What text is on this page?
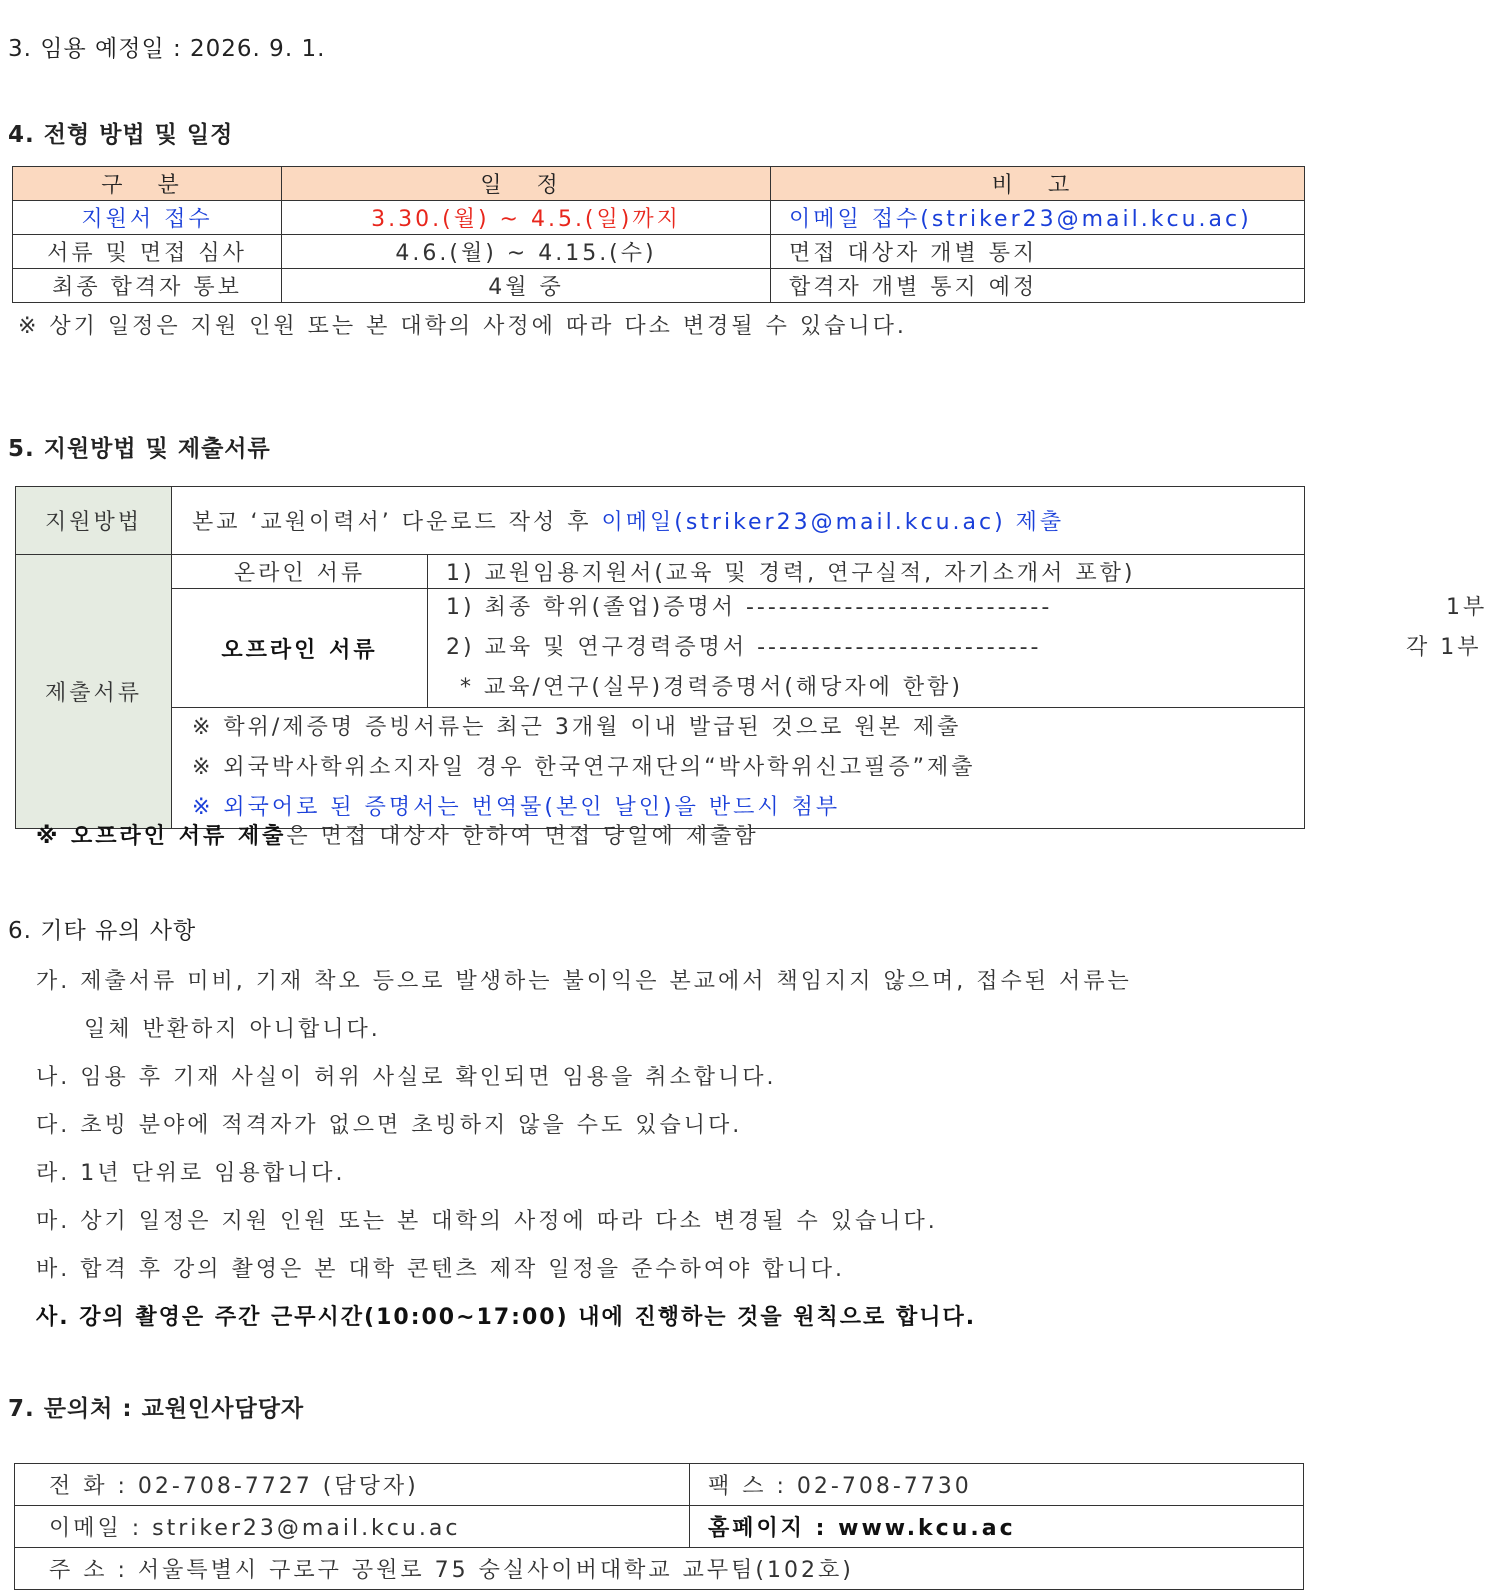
3. 임용 예정일 : 2026. 9. 1.
4. 전형 방법 및 일정
구 분	일 정	비 고
지원서 접수	3.30.(월) ~ 4.5.(일)까지	이메일 접수(striker23@mail.kcu.ac)
서류 및 면접 심사	4.6.(월) ~ 4.15.(수)	면접 대상자 개별 통지
최종 합격자 통보	4월 중	합격자 개별 통지 예정
※ 상기 일정은 지원 인원 또는 본 대학의 사정에 따라 다소 변경될 수 있습니다.
5. 지원방법 및 제출서류
지원방법	본교 ‘교원이력서’ 다운로드 작성 후 이메일(striker23@mail.kcu.ac) 제출	
제출서류	온라인 서류	1) 교원임용지원서(교육 및 경력, 연구실적, 자기소개서 포함)
	오프라인 서류	1) 최종 학위(졸업)증명서 ---------------------------- 1부
2) 교육 및 연구경력증명서 -------------------------- 각 1부
* 교육/연구(실무)경력증명서(해당자에 한함)

	※ 학위/제증명 증빙서류는 최근 3개월 이내 발급된 것으로 원본 제출
※ 외국박사학위소지자일 경우 한국연구재단의“박사학위신고필증”제출
※ 외국어로 된 증명서는 번역물(본인 날인)을 반드시 첨부	
※ 오프라인 서류 제출은 면접 대상자 한하여 면접 당일에 제출함
6. 기타 유의 사항
가. 제출서류 미비, 기재 착오 등으로 발생하는 불이익은 본교에서 책임지지 않으며, 접수된 서류는
일체 반환하지 아니합니다.
나. 임용 후 기재 사실이 허위 사실로 확인되면 임용을 취소합니다.
다. 초빙 분야에 적격자가 없으면 초빙하지 않을 수도 있습니다.
라. 1년 단위로 임용합니다.
마. 상기 일정은 지원 인원 또는 본 대학의 사정에 따라 다소 변경될 수 있습니다.
바. 합격 후 강의 촬영은 본 대학 콘텐츠 제작 일정을 준수하여야 합니다.
사. 강의 촬영은 주간 근무시간(10:00~17:00) 내에 진행하는 것을 원칙으로 합니다.
7. 문의처 : 교원인사담당자
전 화 : 02-708-7727 (담당자)	팩 스 : 02-708-7730
이메일 : striker23@mail.kcu.ac	홈페이지 : www.kcu.ac
주 소 : 서울특별시 구로구 공원로 75 숭실사이버대학교 교무팀(102호)	
